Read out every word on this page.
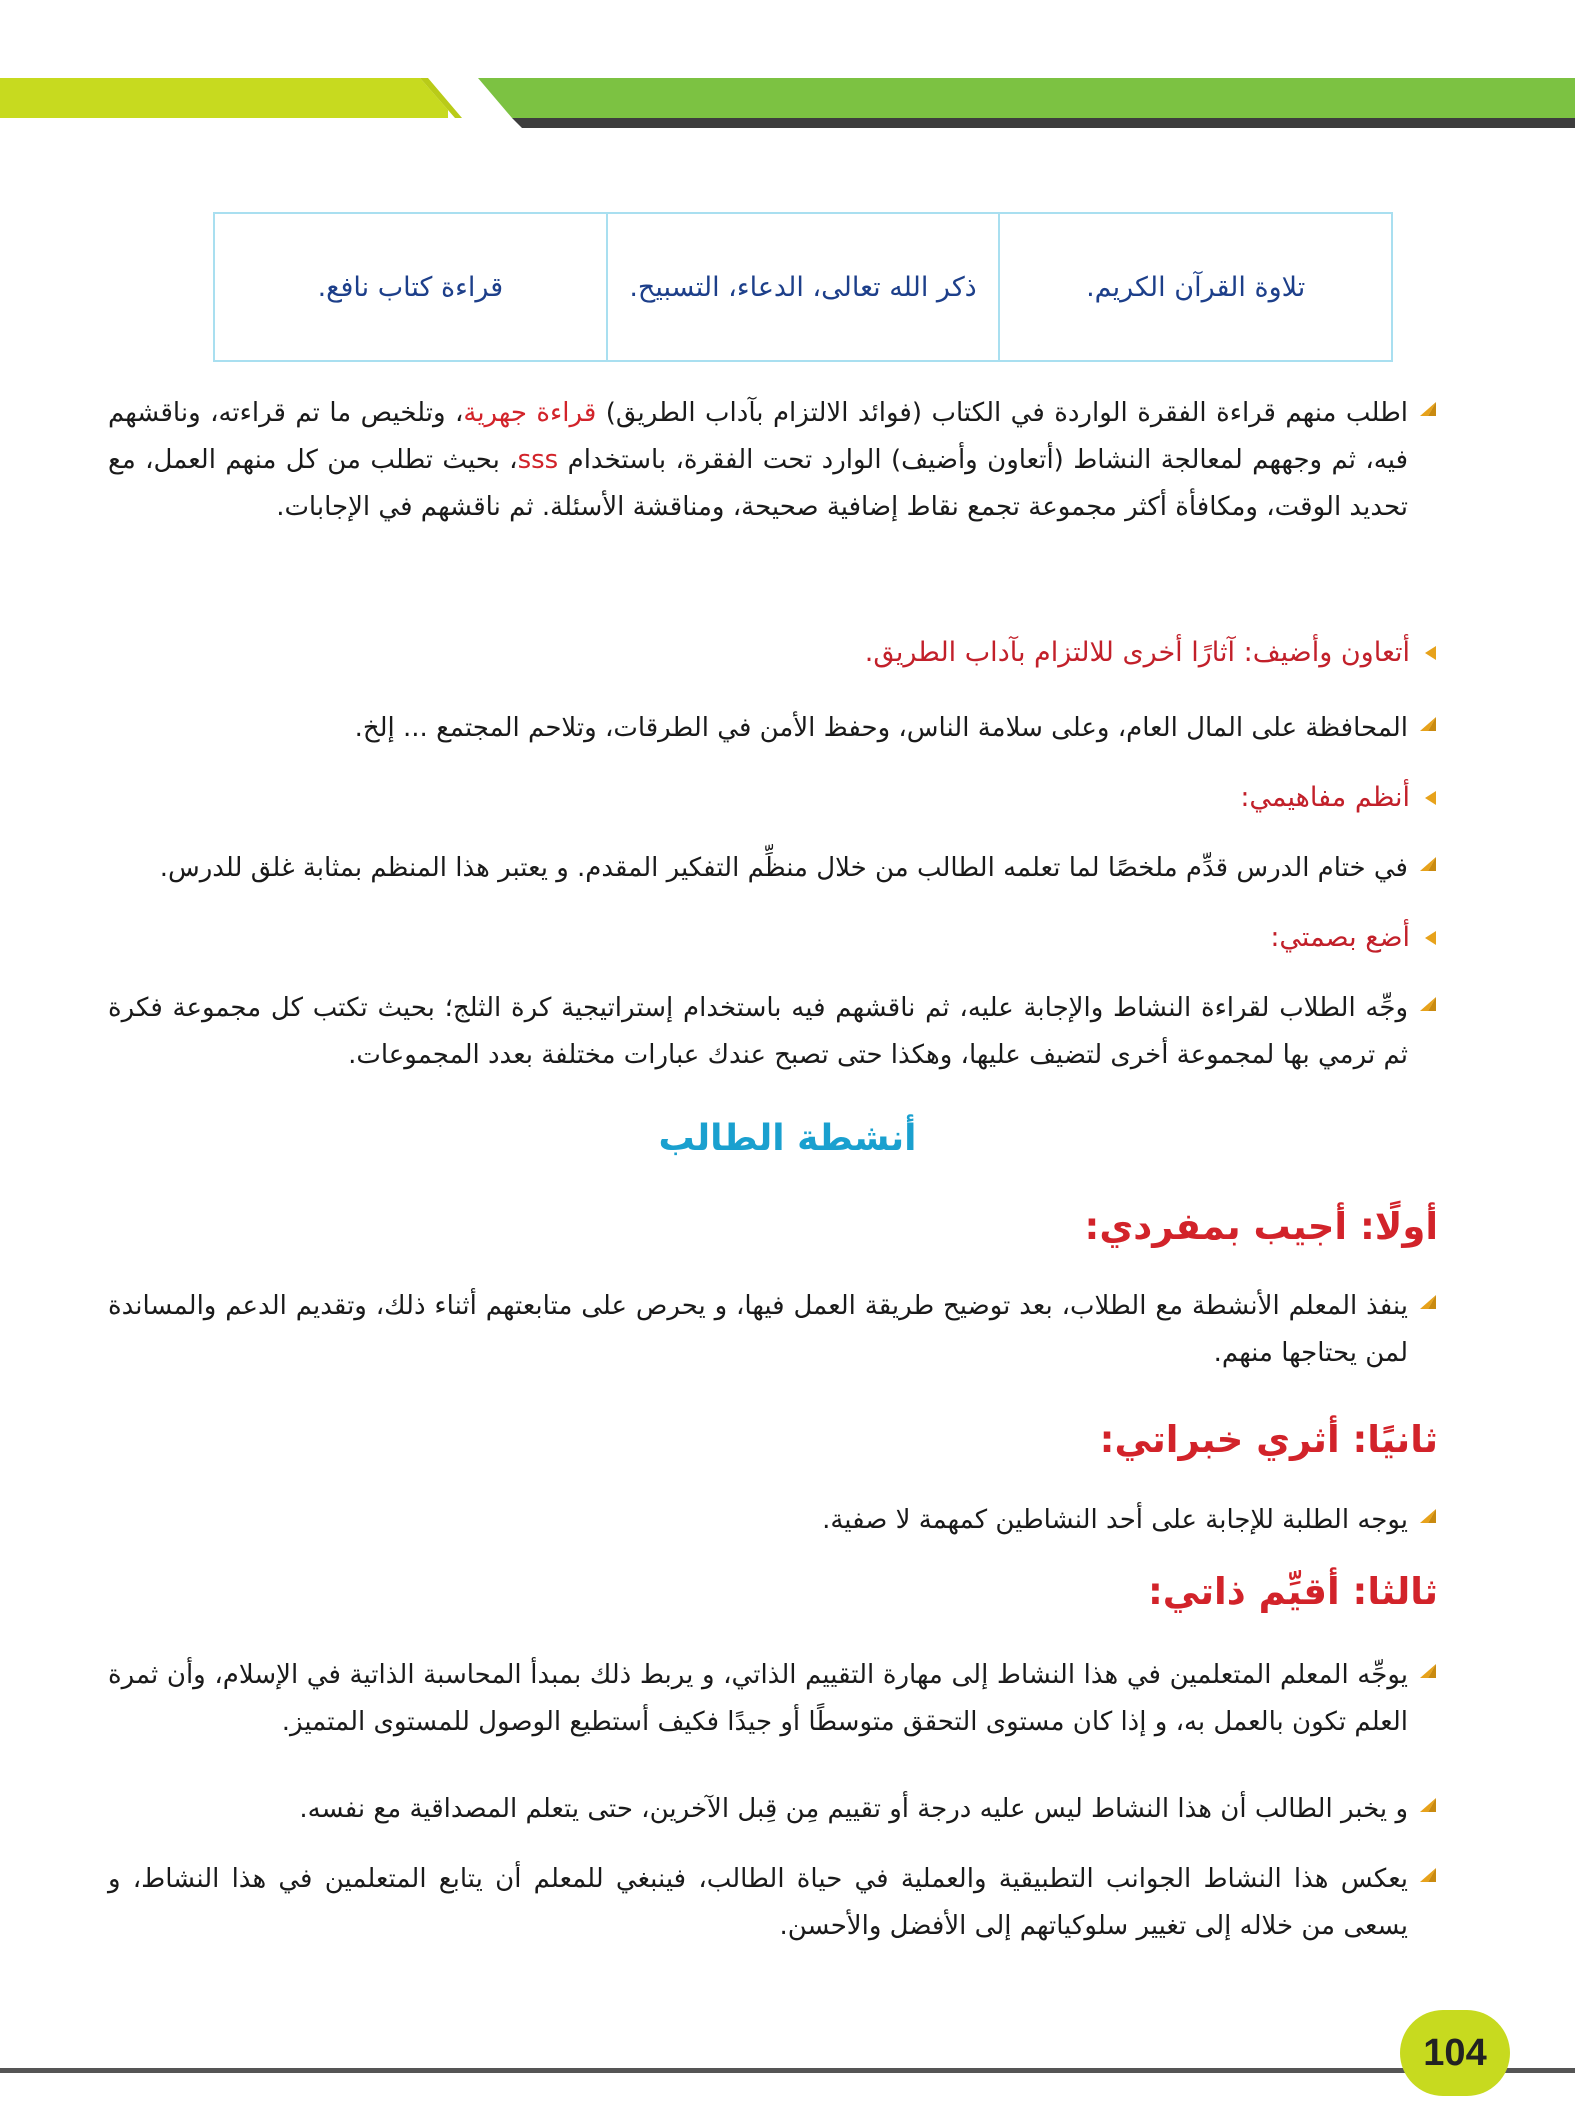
تلاوة القرآن الكريم.	ذكر الله تعالى، الدعاء، التسبيح.	قراءة كتاب نافع.
اطلب منهم قراءة الفقرة الواردة في الكتاب (فوائد الالتزام بآداب الطريق) قراءة جهرية، وتلخيص ما تم قراءته، وناقشهم فيه، ثم وجههم لمعالجة النشاط (أتعاون وأضيف) الوارد تحت الفقرة، باستخدام sss، بحيث تطلب من كل منهم العمل، مع تحديد الوقت، ومكافأة أكثر مجموعة تجمع نقاط إضافية صحيحة، ومناقشة الأسئلة. ثم ناقشهم في الإجابات.
أتعاون وأضيف: آثارًا أخرى للالتزام بآداب الطريق.
المحافظة على المال العام، وعلى سلامة الناس، وحفظ الأمن في الطرقات، وتلاحم المجتمع ... إلخ.
أنظم مفاهيمي:
في ختام الدرس قدِّم ملخصًا لما تعلمه الطالب من خلال منظِّم التفكير المقدم. و يعتبر هذا المنظم بمثابة غلق للدرس.
أضع بصمتي:
وجِّه الطلاب لقراءة النشاط والإجابة عليه، ثم ناقشهم فيه باستخدام إستراتيجية كرة الثلج؛ بحيث تكتب كل مجموعة فكرة ثم ترمي بها لمجموعة أخرى لتضيف عليها، وهكذا حتى تصبح عندك عبارات مختلفة بعدد المجموعات.
أولًا: أجيب بمفردي:
ينفذ المعلم الأنشطة مع الطلاب، بعد توضيح طريقة العمل فيها، و يحرص على متابعتهم أثناء ذلك، وتقديم الدعم والمساندة لمن يحتاجها منهم.
ثانيًا: أثري خبراتي:
يوجه الطلبة للإجابة على أحد النشاطين كمهمة لا صفية.
ثالثا: أقيِّم ذاتي:
يوجِّه المعلم المتعلمين في هذا النشاط إلى مهارة التقييم الذاتي، و يربط ذلك بمبدأ المحاسبة الذاتية في الإسلام، وأن ثمرة العلم تكون بالعمل به، و إذا كان مستوى التحقق متوسطًا أو جيدًا فكيف أستطيع الوصول للمستوى المتميز.
و يخبر الطالب أن هذا النشاط ليس عليه درجة أو تقييم مِن قِبل الآخرين، حتى يتعلم المصداقية مع نفسه.
يعكس هذا النشاط الجوانب التطبيقية والعملية في حياة الطالب، فينبغي للمعلم أن يتابع المتعلمين في هذا النشاط، و يسعى من خلاله إلى تغيير سلوكياتهم إلى الأفضل والأحسن.
أنشطة الطالب
104
